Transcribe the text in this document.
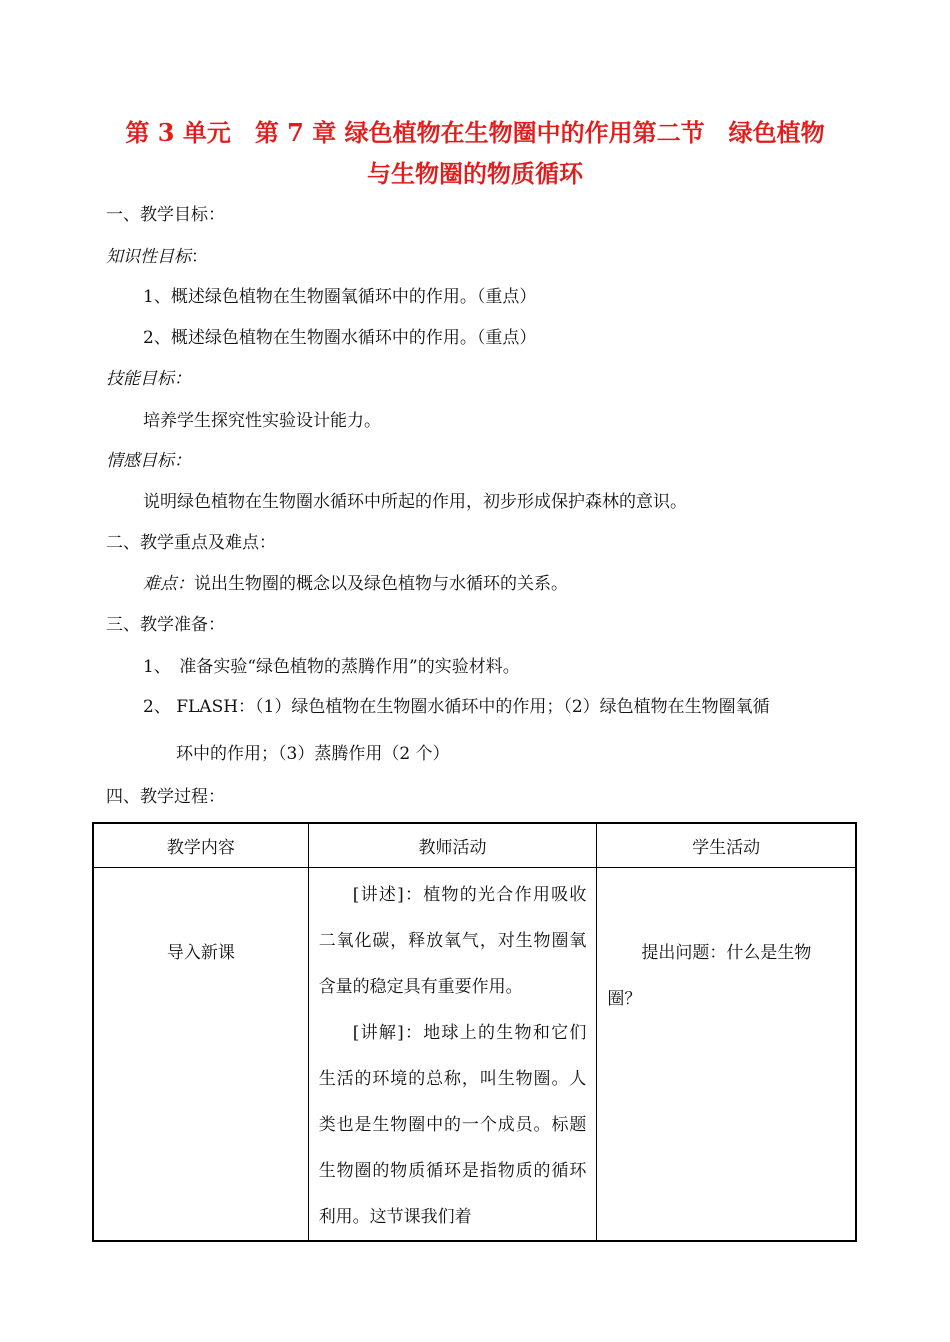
第 3 单元　第 7 章 绿色植物在生物圈中的作用第二节　绿色植物
与生物圈的物质循环
一、教学目标：
知识性目标：
1、概述绿色植物在生物圈氧循环中的作用。（重点）
2、概述绿色植物在生物圈水循环中的作用。（重点）
技能目标：
培养学生探究性实验设计能力。
情感目标：
说明绿色植物在生物圈水循环中所起的作用，初步形成保护森林的意识。
二、教学重点及难点：
难点：说出生物圈的概念以及绿色植物与水循环的关系。
三、教学准备：
1、　准备实验“绿色植物的蒸腾作用”的实验材料。
2、 FLASH：（1）绿色植物在生物圈水循环中的作用；（2）绿色植物在生物圈氧循
环中的作用；（3）蒸腾作用（2 个）
四、教学过程：
教学内容	教师活动	学生活动

导入新课	[讲述]：植物的光合作用吸收二氧化碳，释放氧气，对生物圈氧含量的稳定具有重要作用。

[讲解]：地球上的生物和它们生活的环境的总称，叫生物圈。人类也是生物圈中的一个成员。标题生物圈的物质循环是指物质的循环利用。这节课我们着	提出问题：什么是生物圈？
